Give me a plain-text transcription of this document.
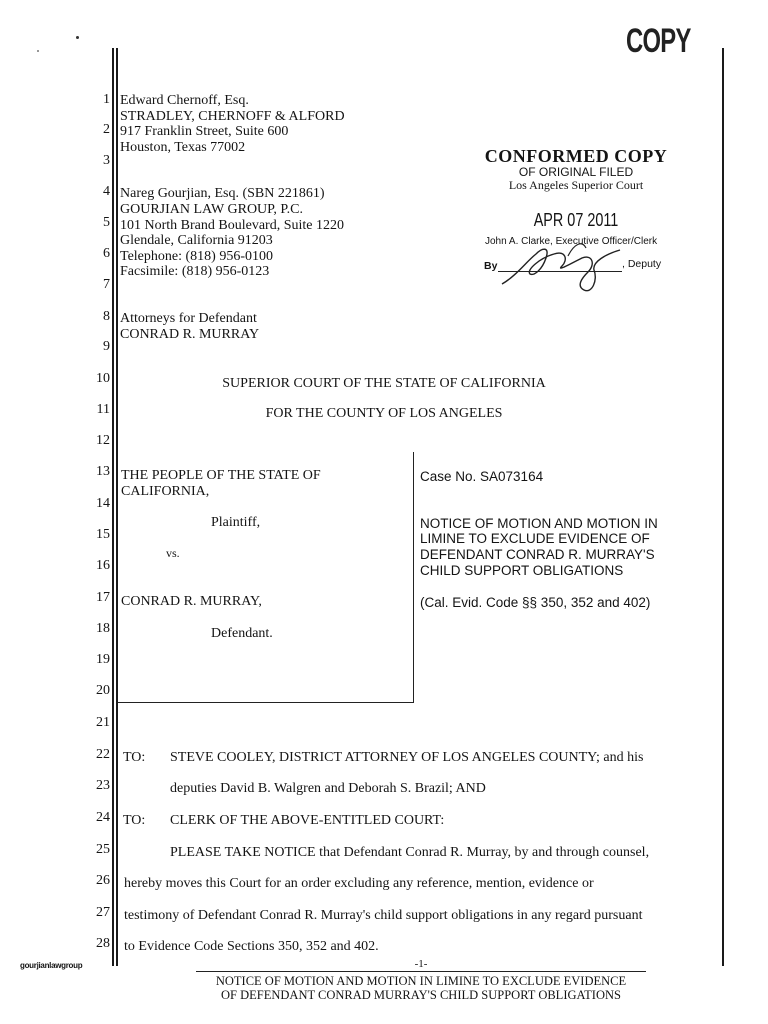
COPY
1
2
3
4
5
6
7
8
9
10
11
12
13
14
15
16
17
18
19
20
21
22
23
24
25
26
27
28
Edward Chernoff, Esq.
STRADLEY, CHERNOFF & ALFORD
917 Franklin Street, Suite 600
Houston, Texas 77002
Nareg Gourjian, Esq. (SBN 221861)
GOURJIAN LAW GROUP, P.C.
101 North Brand Boulevard, Suite 1220
Glendale, California 91203
Telephone: (818) 956-0100
Facsimile: (818) 956-0123
Attorneys for Defendant
CONRAD R. MURRAY
CONFORMED COPY
OF ORIGINAL FILED
Los Angeles Superior Court
APR 07 2011
John A. Clarke, Executive Officer/Clerk
By	, Deputy
SUPERIOR COURT OF THE STATE OF CALIFORNIA
FOR THE COUNTY OF LOS ANGELES
THE PEOPLE OF THE STATE OF
CALIFORNIA,
Plaintiff,
vs.
CONRAD R. MURRAY,
Defendant.
Case No. SA073164
NOTICE OF MOTION AND MOTION IN
LIMINE TO EXCLUDE EVIDENCE OF
DEFENDANT CONRAD R. MURRAY'S
CHILD SUPPORT OBLIGATIONS
(Cal. Evid. Code §§ 350, 352 and 402)
TO: STEVE COOLEY, DISTRICT ATTORNEY OF LOS ANGELES COUNTY; and his
deputies David B. Walgren and Deborah S. Brazil; AND
TO: CLERK OF THE ABOVE-ENTITLED COURT:
PLEASE TAKE NOTICE that Defendant Conrad R. Murray, by and through counsel,
hereby moves this Court for an order excluding any reference, mention, evidence or
testimony of Defendant Conrad R. Murray's child support obligations in any regard pursuant
to Evidence Code Sections 350, 352 and 402.
gourjianlawgroup	-1-
NOTICE OF MOTION AND MOTION IN LIMINE TO EXCLUDE EVIDENCE
OF DEFENDANT CONRAD MURRAY'S CHILD SUPPORT OBLIGATIONS
